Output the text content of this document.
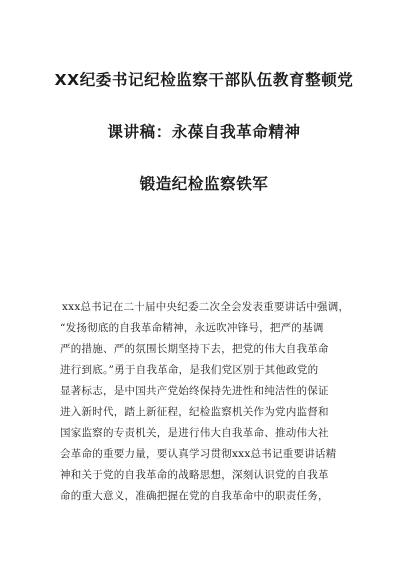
XX纪委书记纪检监察干部队伍教育整顿党
课讲稿：永葆自我革命精神
锻造纪检监察铁军
xxx总书记在二十届中央纪委二次全会发表重要讲话中强调，
“发扬彻底的自我革命精神，永远吹冲锋号，把严的基调
严的措施、严的氛围长期坚持下去，把党的伟大自我革命
进行到底。”勇于自我革命，是我们党区别于其他政党的
显著标志，是中国共产党始终保持先进性和纯洁性的保证
进入新时代，踏上新征程，纪检监察机关作为党内监督和
国家监察的专责机关，是进行伟大自我革命、推动伟大社
会革命的重要力量，要认真学习贯彻xxx总书记重要讲话精
神和关于党的自我革命的战略思想，深刻认识党的自我革
命的重大意义，准确把握在党的自我革命中的职责任务，
